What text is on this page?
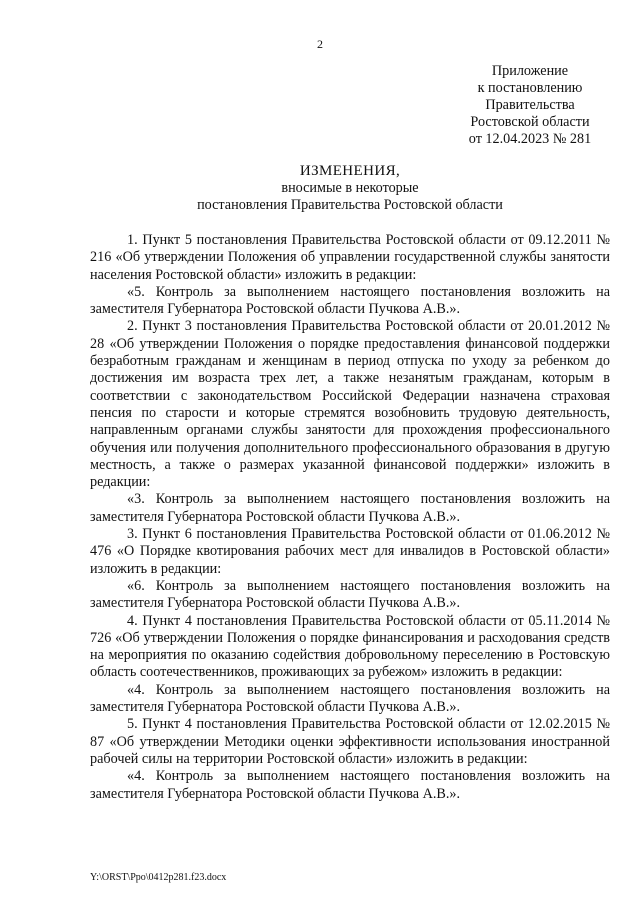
2
Приложение
к постановлению
Правительства
Ростовской области
от 12.04.2023 № 281
ИЗМЕНЕНИЯ,
вносимые в некоторые
постановления Правительства Ростовской области

1. Пункт 5 постановления Правительства Ростовской области от 09.12.2011 № 216 «Об утверждении Положения об управлении государственной службы занятости населения Ростовской области» изложить в редакции:

«5. Контроль за выполнением настоящего постановления возложить на заместителя Губернатора Ростовской области Пучкова А.В.».

2. Пункт 3 постановления Правительства Ростовской области от 20.01.2012 № 28 «Об утверждении Положения о порядке предоставления финансовой поддержки безработным гражданам и женщинам в период отпуска по уходу за ребенком до достижения им возраста трех лет, а также незанятым гражданам, которым в соответствии с законодательством Российской Федерации назначена страховая пенсия по старости и которые стремятся возобновить трудовую деятельность, направленным органами службы занятости для прохождения профессионального обучения или получения дополнительного профессионального образования в другую местность, а также о размерах указанной финансовой поддержки» изложить в редакции:

«3. Контроль за выполнением настоящего постановления возложить на заместителя Губернатора Ростовской области Пучкова А.В.».

3. Пункт 6 постановления Правительства Ростовской области от 01.06.2012 № 476 «О Порядке квотирования рабочих мест для инвалидов в Ростовской области» изложить в редакции:

«6. Контроль за выполнением настоящего постановления возложить на заместителя Губернатора Ростовской области Пучкова А.В.».

4. Пункт 4 постановления Правительства Ростовской области от 05.11.2014 № 726 «Об утверждении Положения о порядке финансирования и расходования средств на мероприятия по оказанию содействия добровольному переселению в Ростовскую область соотечественников, проживающих за рубежом» изложить в редакции:

«4. Контроль за выполнением настоящего постановления возложить на заместителя Губернатора Ростовской области Пучкова А.В.».

5. Пункт 4 постановления Правительства Ростовской области от 12.02.2015 № 87 «Об утверждении Методики оценки эффективности использования иностранной рабочей силы на территории Ростовской области» изложить в редакции:

«4. Контроль за выполнением настоящего постановления возложить на заместителя Губернатора Ростовской области Пучкова А.В.».

Y:\ORST\Ppo\0412p281.f23.docx
